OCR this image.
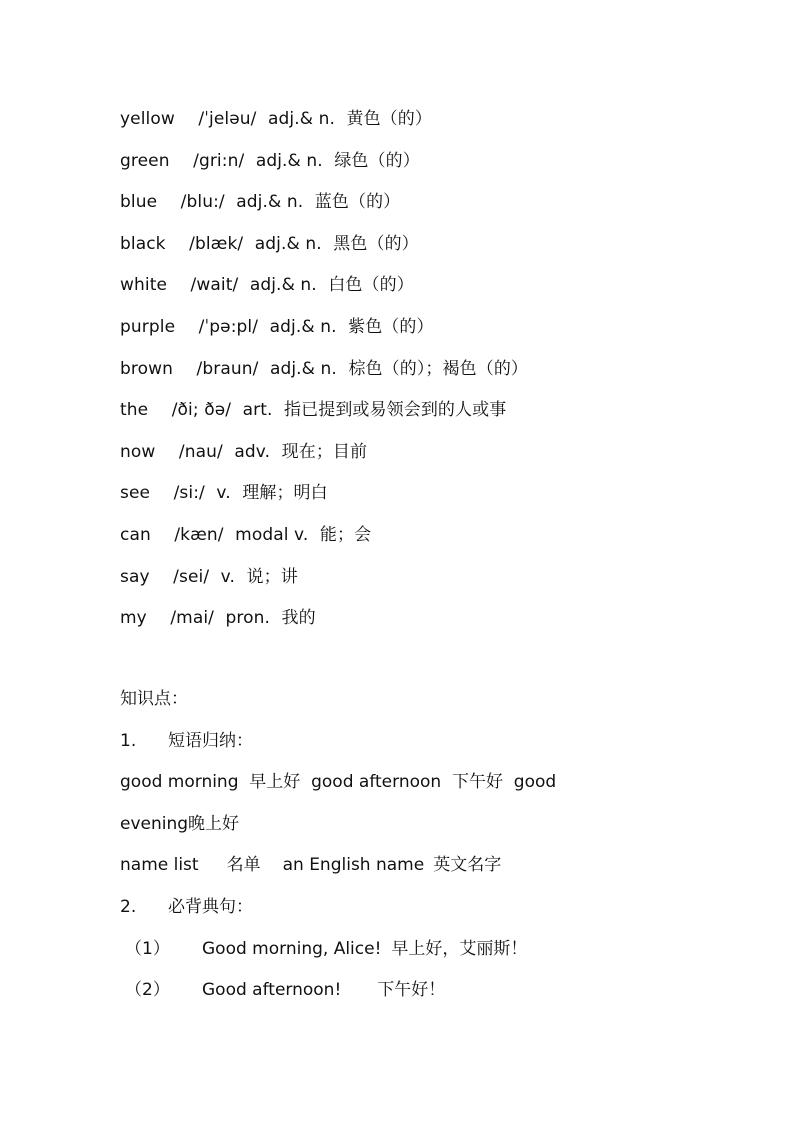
yellow /ˈjeləu/ adj.& n. 黄色（的）
green /gri:n/ adj.& n. 绿色（的）
blue /blu:/ adj.& n. 蓝色（的）
black /blæk/ adj.& n. 黑色（的）
white /wait/ adj.& n. 白色（的）
purple /ˈpə:pl/ adj.& n. 紫色（的）
brown /braun/ adj.& n. 棕色（的）；褐色（的）
the /ði; ðə/ art. 指已提到或易领会到的人或事
now /nau/ adv. 现在；目前
see /si:/ v. 理解；明白
can /kæn/ modal v. 能；会
say /sei/ v. 说；讲
my /mai/ pron. 我的
知识点：
1. 短语归纳：
good morning  早上好  good afternoon  下午好  good
evening晚上好
name list 名单 an English name 英文名字
2. 必背典句：
（1） Good morning, Alice! 早上好，艾丽斯！
（2） Good afternoon! 下午好！
